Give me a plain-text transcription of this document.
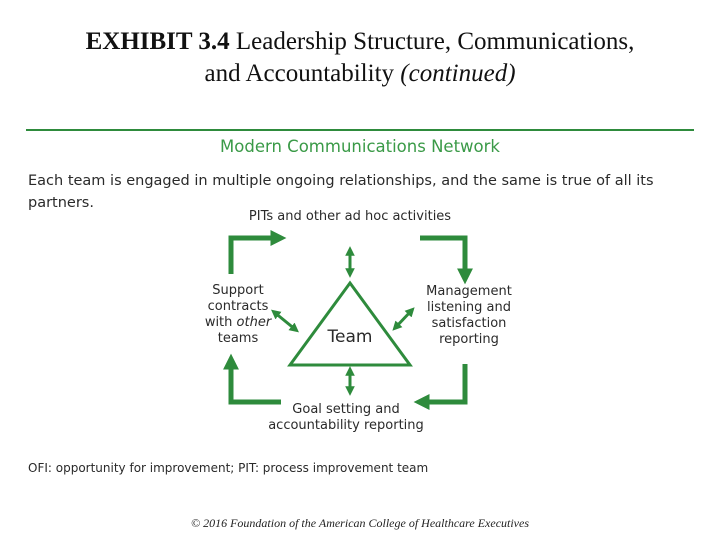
EXHIBIT 3.4 Leadership Structure, Communications,
and Accountability (continued)
Modern Communications Network
Each team is engaged in multiple ongoing relationships, and the same is true of all its partners.
Team
PITs and other ad hoc activities
Support
contracts
with other
teams
Management
listening and
satisfaction
reporting
Goal setting and
accountability reporting
OFI: opportunity for improvement; PIT: process improvement team
© 2016 Foundation of the American College of Healthcare Executives
